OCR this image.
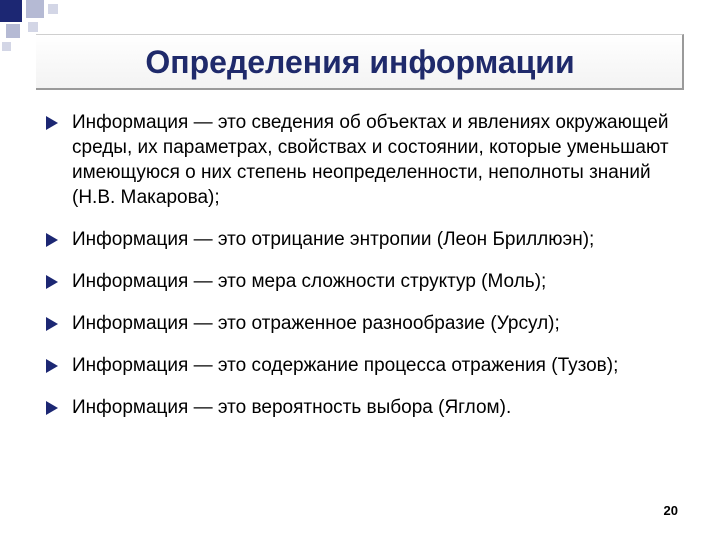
Определения информации
Информация — это сведения об объектах и явлениях окружающей среды, их параметрах, свойствах и состоянии, которые уменьшают имеющуюся о них степень неопределенности, неполноты знаний (Н.В. Макарова);
Информация — это отрицание энтропии (Леон Бриллюэн);
Информация — это мера сложности структур (Моль);
Информация — это отраженное разнообразие (Урсул);
Информация — это содержание процесса отражения (Тузов);
Информация — это вероятность выбора (Яглом).
20
